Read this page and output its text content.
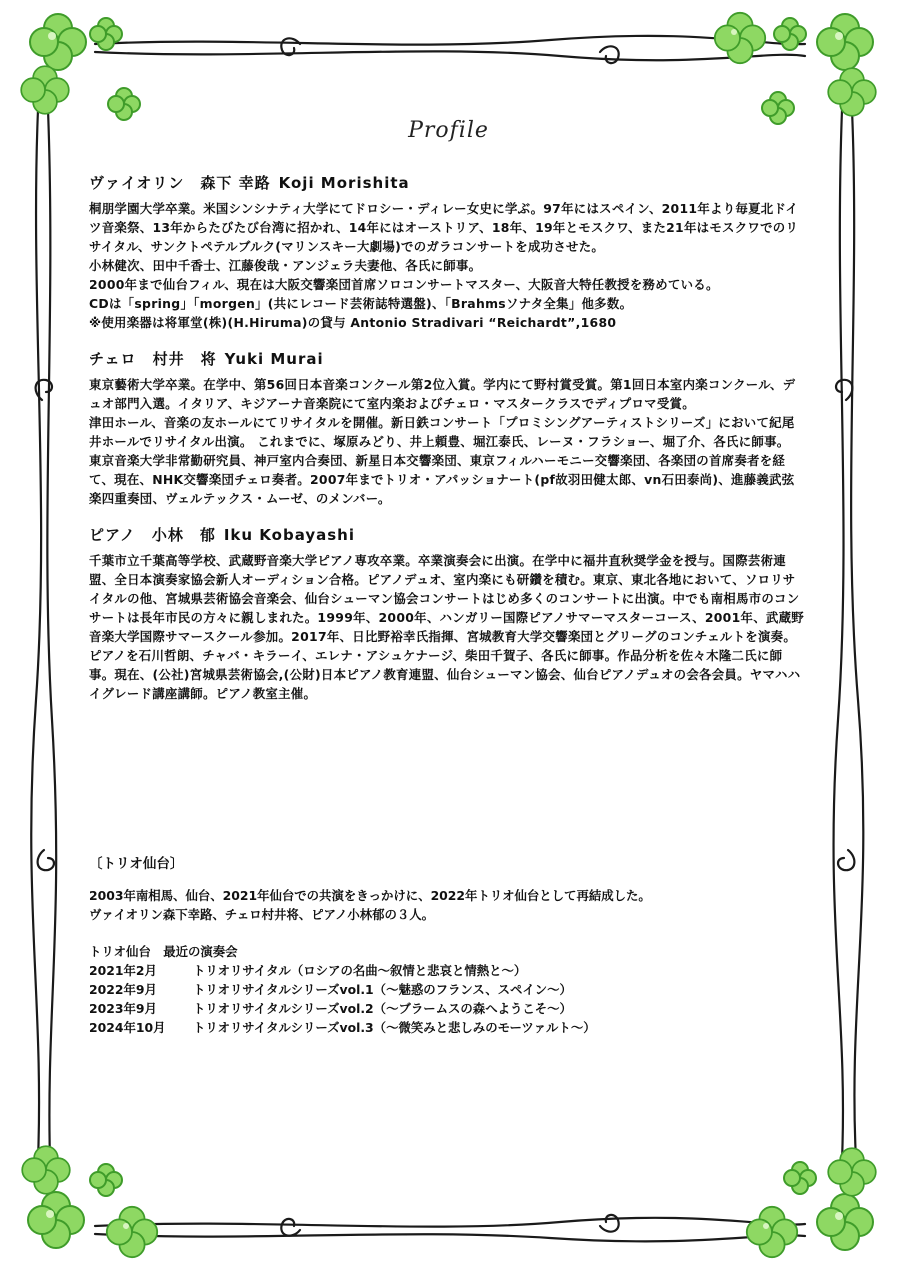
Profile
ヴァイオリン 森下 幸路 Koji Morishita

桐朋学園大学卒業。米国シンシナティ大学にてドロシー・ディレー女史に学ぶ。97年にはスペイン、2011年より毎夏北ドイツ音楽祭、13年からたびたび台湾に招かれ、14年にはオーストリア、18年、19年とモスクワ、また21年はモスクワでのリサイタル、サンクトペテルブルク(マリンスキー大劇場)でのガラコンサートを成功させた。

小林健次、田中千香士、江藤俊哉・アンジェラ夫妻他、各氏に師事。

2000年まで仙台フィル、現在は大阪交響楽団首席ソロコンサートマスター、大阪音大特任教授を務めている。

CDは「spring」「morgen」(共にレコード芸術誌特選盤)、「Brahmsソナタ全集」他多数。

※使用楽器は将軍堂(株)(H.Hiruma)の貸与 Antonio Stradivari “Reichardt”,1680

チェロ 村井　将 Yuki Murai

東京藝術大学卒業。在学中、第56回日本音楽コンクール第2位入賞。学内にて野村賞受賞。第1回日本室内楽コンクール、デュオ部門入選。イタリア、キジアーナ音楽院にて室内楽およびチェロ・マスタークラスでディプロマ受賞。

津田ホール、音楽の友ホールにてリサイタルを開催。新日鉄コンサート「プロミシングアーティストシリーズ」において紀尾井ホールでリサイタル出演。 これまでに、塚原みどり、井上頼豊、堀江泰氏、レーヌ・フラショー、堀了介、各氏に師事。 東京音楽大学非常勤研究員、神戸室内合奏団、新星日本交響楽団、東京フィルハーモニー交響楽団、各楽団の首席奏者を経て、現在、NHK交響楽団チェロ奏者。2007年までトリオ・アパッショナート(pf故羽田健太郎、vn石田泰尚)、進藤義武弦楽四重奏団、ヴェルテックス・ムーゼ、のメンバー。

ピアノ 小林　郁 Iku Kobayashi

千葉市立千葉高等学校、武蔵野音楽大学ピアノ専攻卒業。卒業演奏会に出演。在学中に福井直秋奨学金を授与。国際芸術連盟、全日本演奏家協会新人オーディション合格。ピアノデュオ、室内楽にも研鑽を積む。東京、東北各地において、ソロリサイタルの他、宮城県芸術協会音楽会、仙台シューマン協会コンサートはじめ多くのコンサートに出演。中でも南相馬市のコンサートは長年市民の方々に親しまれた。1999年、2000年、ハンガリー国際ピアノサマーマスターコース、2001年、武蔵野音楽大学国際サマースクール参加。2017年、日比野裕幸氏指揮、宮城教育大学交響楽団とグリーグのコンチェルトを演奏。ピアノを石川哲朗、チャバ・キラーイ、エレナ・アシュケナージ、柴田千賀子、各氏に師事。作品分析を佐々木隆二氏に師事。現在、(公社)宮城県芸術協会,(公財)日本ピアノ教育連盟、仙台シューマン協会、仙台ピアノデュオの会各会員。ヤマハハイグレード講座講師。ピアノ教室主催。

〔トリオ仙台〕

2003年南相馬、仙台、2021年仙台での共演をきっかけに、2022年トリオ仙台として再結成した。

ヴァイオリン森下幸路、チェロ村井将、ピアノ小林郁の３人。

トリオ仙台　最近の演奏会
2021年2月	トリオリサイタル（ロシアの名曲～叙情と悲哀と情熱と～）
2022年9月	トリオリサイタルシリーズvol.1（～魅惑のフランス、スペイン～）
2023年9月	トリオリサイタルシリーズvol.2（～ブラームスの森へようこそ～）
2024年10月	トリオリサイタルシリーズvol.3（～微笑みと悲しみのモーツァルト～）
